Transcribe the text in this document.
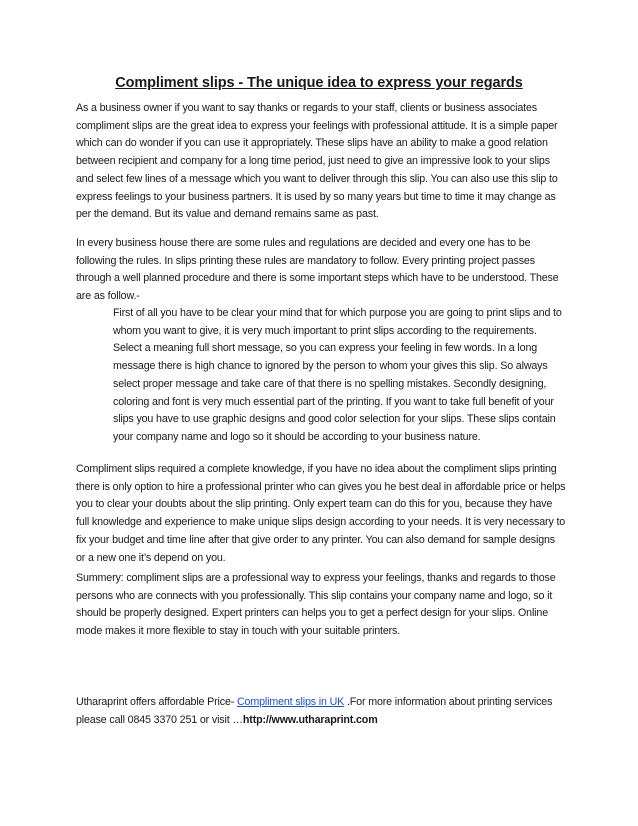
Compliment slips - The unique idea to express your regards

As a business owner if you want to say thanks or regards to your staff, clients or business associates compliment slips are the great idea to express your feelings with professional attitude. It is a simple paper which can do wonder if you can use it appropriately. These slips have an ability to make a good relation between recipient and company for a long time period, just need to give an impressive look to your slips and select few lines of a message which you want to deliver through this slip. You can also use this slip to express feelings to your business partners. It is used by so many years but time to time it may change as per the demand. But its value and demand remains same as past.

In every business house there are some rules and regulations are decided and every one has to be following the rules. In slips printing these rules are mandatory to follow. Every printing project passes through a well planned procedure and there is some important steps which have to be understood. These are as follow.-

First of all you have to be clear your mind that for which purpose you are going to print slips and to whom you want to give, it is very much important to print slips according to the requirements. Select a meaning full short message, so you can express your feeling in few words. In a long message there is high chance to ignored by the person to whom your gives this slip. So always select proper message and take care of that there is no spelling mistakes. Secondly designing, coloring and font is very much essential part of the printing. If you want to take full benefit of your slips you have to use graphic designs and good color selection for your slips. These slips contain your company name and logo so it should be according to your business nature.

Compliment slips required a complete knowledge, if you have no idea about the compliment slips printing there is only option to hire a professional printer who can gives you he best deal in affordable price or helps you to clear your doubts about the slip printing. Only expert team can do this for you, because they have full knowledge and experience to make unique slips design according to your needs. It is very necessary to fix your budget and time line after that give order to any printer. You can also demand for sample designs or a new one it’s depend on you.

Summery: compliment slips are a professional way to express your feelings, thanks and regards to those persons who are connects with you professionally. This slip contains your company name and logo, so it should be properly designed. Expert printers can helps you to get a perfect design for your slips. Online mode makes it more flexible to stay in touch with your suitable printers.

Utharaprint offers affordable Price- Compliment slips in UK .For more information about printing services please call 0845 3370 251 or visit …http://www.utharaprint.com
